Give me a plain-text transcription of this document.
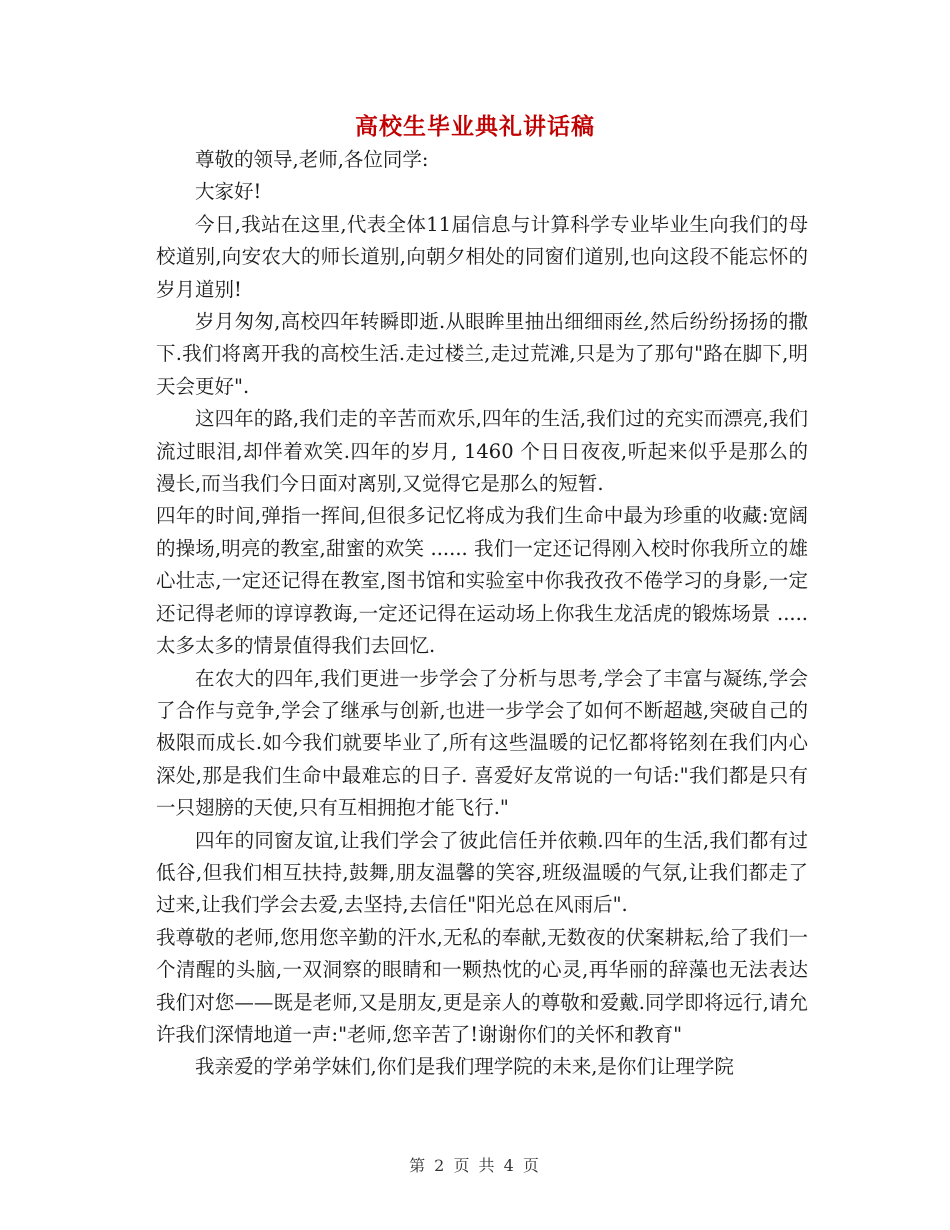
高校生毕业典礼讲话稿

尊敬的领导,老师,各位同学:

大家好!

今日,我站在这里,代表全体11届信息与计算科学专业毕业生向我们的母校道别,向安农大的师长道别,向朝夕相处的同窗们道别,也向这段不能忘怀的岁月道别!

岁月匆匆,高校四年转瞬即逝.从眼眸里抽出细细雨丝,然后纷纷扬扬的撒下.我们将离开我的高校生活.走过楼兰,走过荒滩,只是为了那句"路在脚下,明天会更好".

这四年的路,我们走的辛苦而欢乐,四年的生活,我们过的充实而漂亮,我们流过眼泪,却伴着欢笑.四年的岁月, 1460 个日日夜夜,听起来似乎是那么的漫长,而当我们今日面对离别,又觉得它是那么的短暂.

四年的时间,弹指一挥间,但很多记忆将成为我们生命中最为珍重的收藏:宽阔的操场,明亮的教室,甜蜜的欢笑 ...... 我们一定还记得刚入校时你我所立的雄心壮志,一定还记得在教室,图书馆和实验室中你我孜孜不倦学习的身影,一定还记得老师的谆谆教诲,一定还记得在运动场上你我生龙活虎的锻炼场景 ..... 太多太多的情景值得我们去回忆.

在农大的四年,我们更进一步学会了分析与思考,学会了丰富与凝练,学会了合作与竞争,学会了继承与创新,也进一步学会了如何不断超越,突破自己的极限而成长.如今我们就要毕业了,所有这些温暖的记忆都将铭刻在我们内心深处,那是我们生命中最难忘的日子. 喜爱好友常说的一句话:"我们都是只有一只翅膀的天使,只有互相拥抱才能飞行."

四年的同窗友谊,让我们学会了彼此信任并依赖.四年的生活,我们都有过低谷,但我们相互扶持,鼓舞,朋友温馨的笑容,班级温暖的气氛,让我们都走了过来,让我们学会去爱,去坚持,去信任"阳光总在风雨后".

我尊敬的老师,您用您辛勤的汗水,无私的奉献,无数夜的伏案耕耘,给了我们一个清醒的头脑,一双洞察的眼睛和一颗热忱的心灵,再华丽的辞藻也无法表达我们对您——既是老师,又是朋友,更是亲人的尊敬和爱戴.同学即将远行,请允许我们深情地道一声:"老师,您辛苦了!谢谢你们的关怀和教育"

我亲爱的学弟学妹们,你们是我们理学院的未来,是你们让理学院

第 2 页 共 4 页
